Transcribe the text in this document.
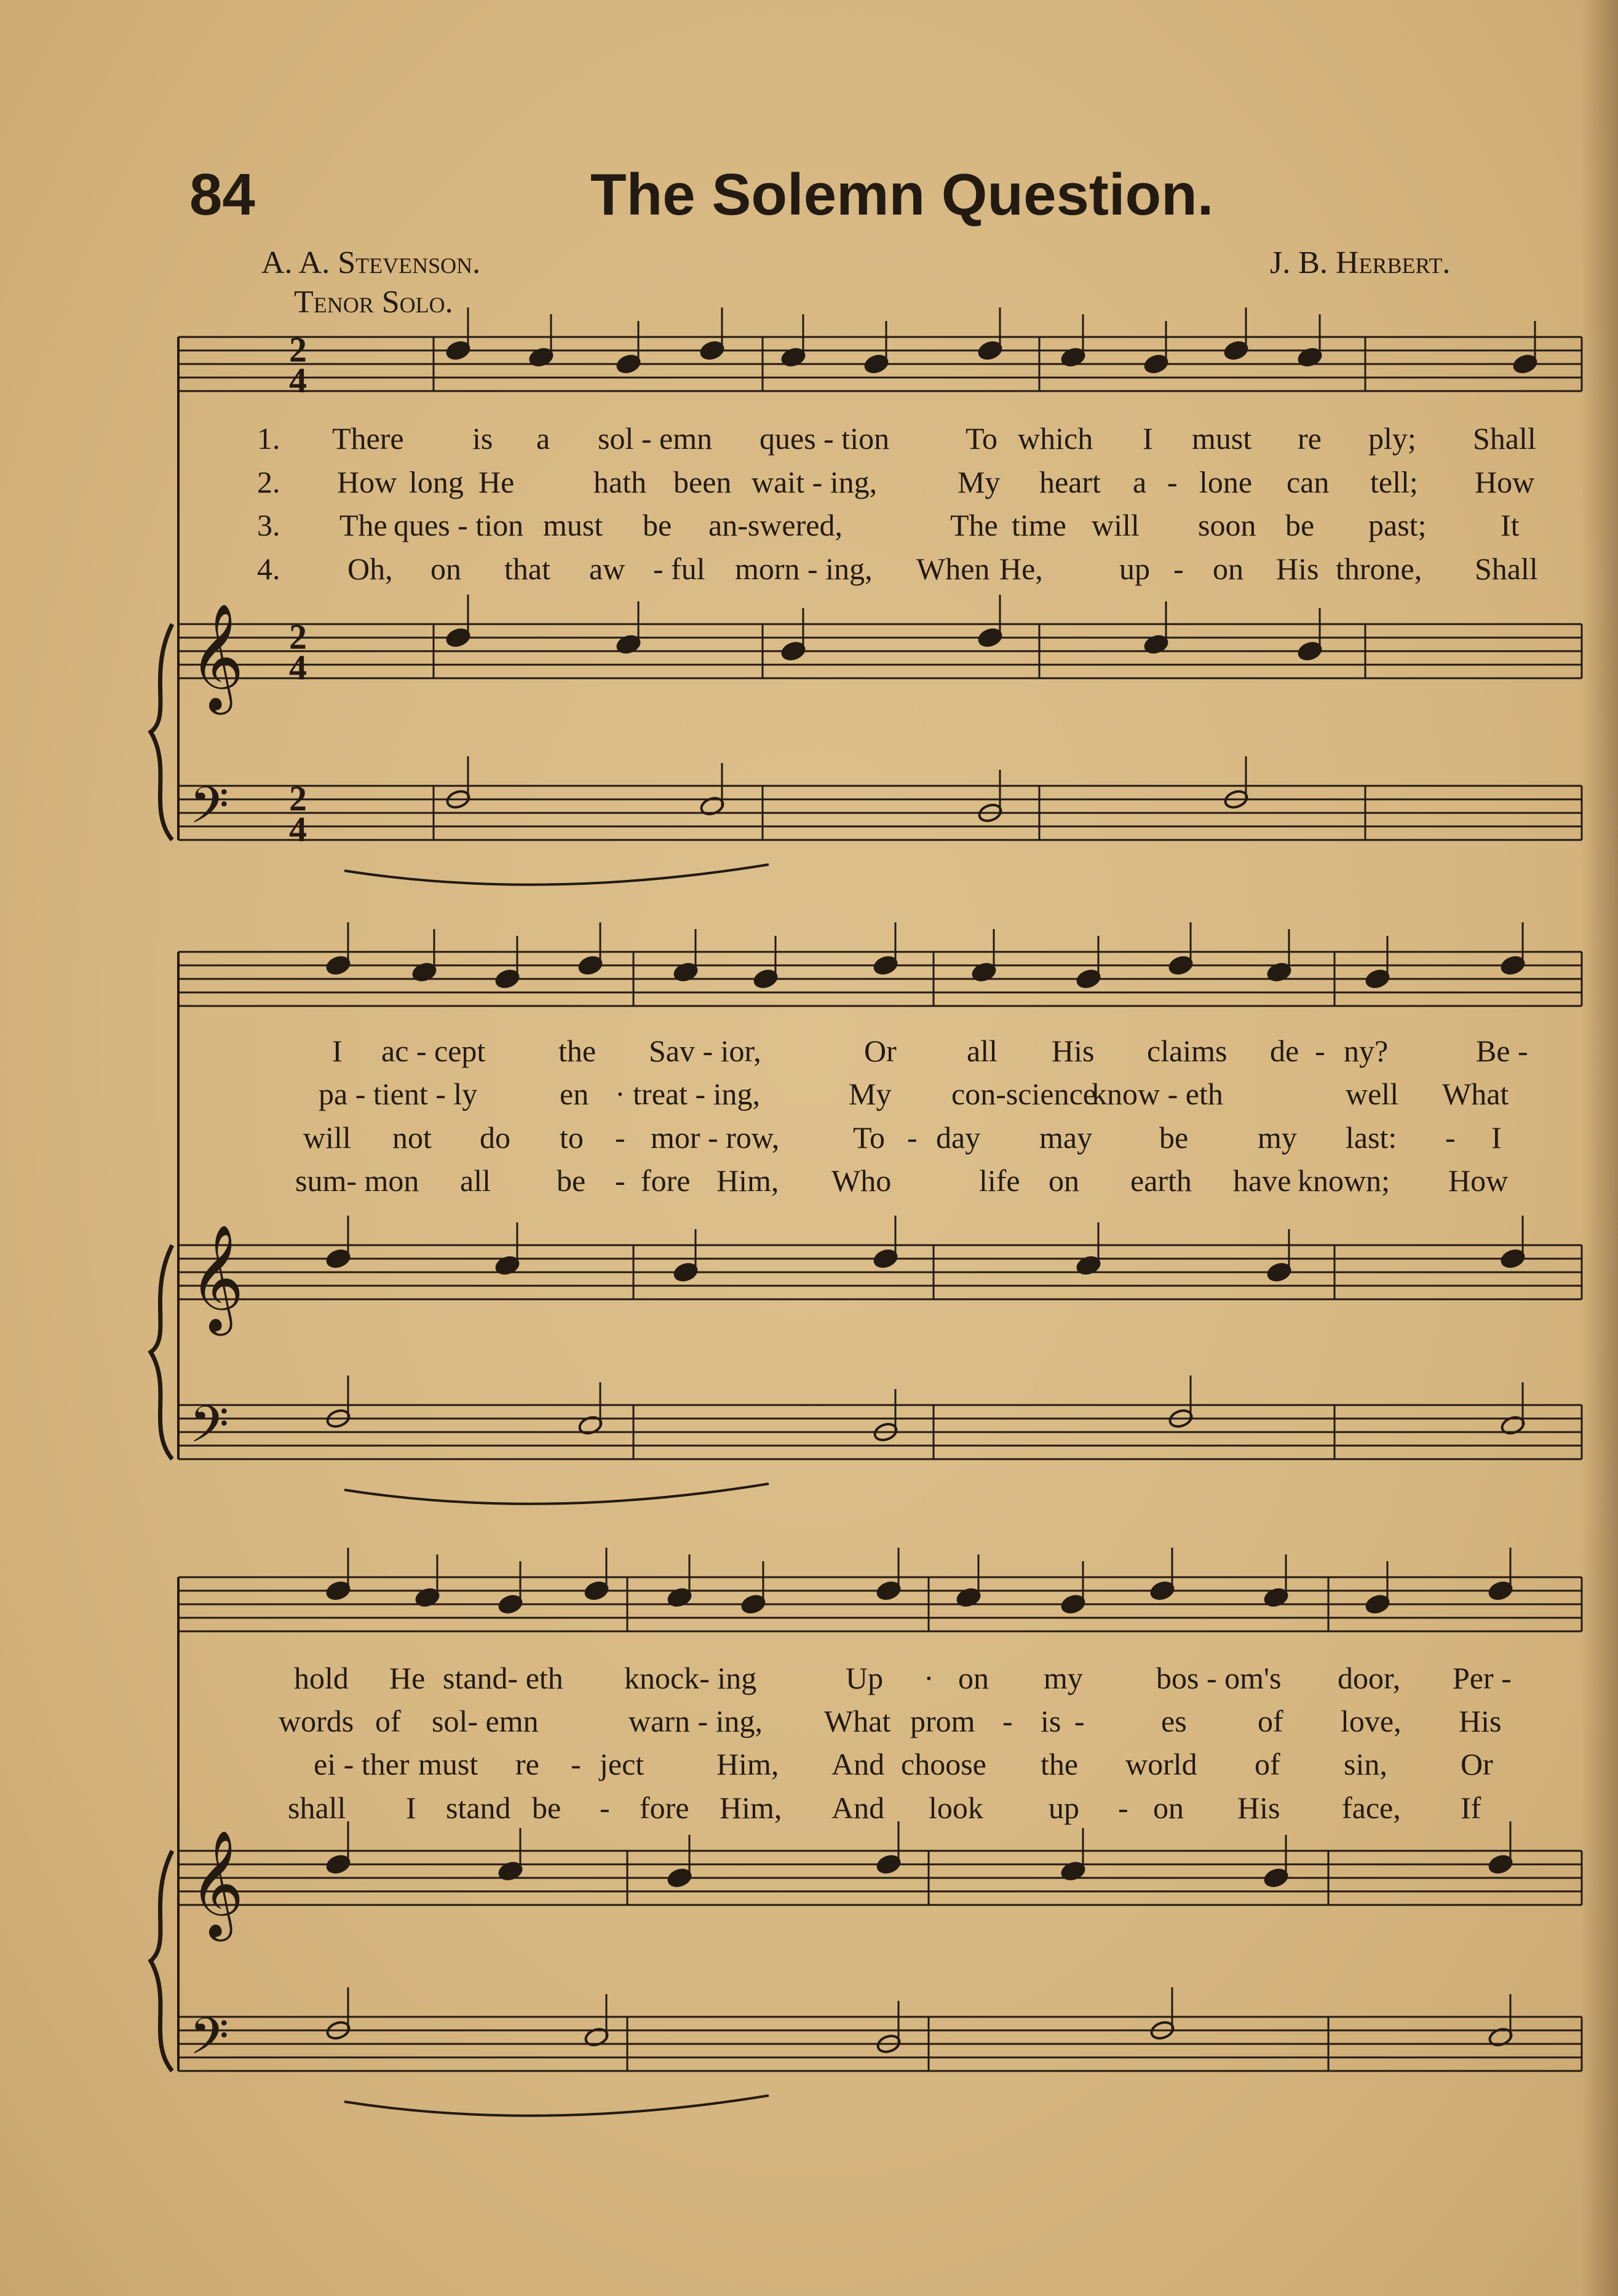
84	The Solemn Question.

A. A. Stevenson.	J. B. Herbert.

Tenor Solo.

2
4
2
4
2
4
𝄞
𝄢
𝄞
𝄢
𝄞
𝄢
1. There is a sol - emn ques - tion To which I must re ply; Shall
2. How long He	hath been wait - ing,	My heart a - lone can tell; How
3. The ques - tion must be an-swered,	The time will soon be past; It
4. Oh, on that aw - ful morn - ing, When He, up - on His throne, Shall
I ac - cept the Sav - ior,	Or all His claims de - ny?	Be -
pa - tient - ly	en · treat - ing,	My con-science
know - eth	well What
will not do to - mor - row, To - day may be my last: - I
sum- mon all be - fore Him, Who	life on earth have known; How
hold He stand- eth knock- ing	Up · on my bos - om's door, Per -
words of sol- emn	warn - ing, What prom - is - es of love, His
ei - ther must re - ject Him, And choose the world of sin, Or
shall I stand be - fore Him, And look up - on His face, If
